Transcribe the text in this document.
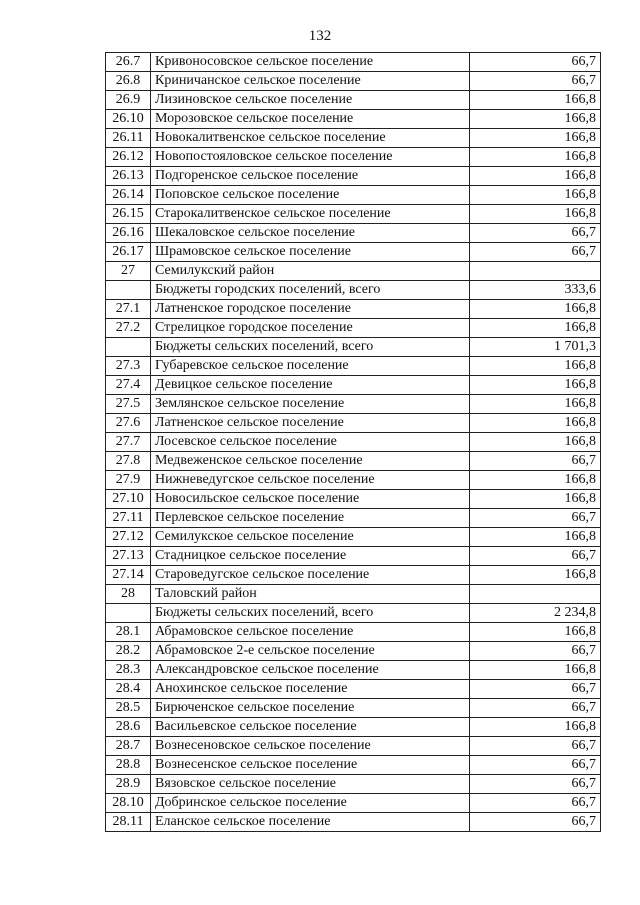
132
26.7	Кривоносовское сельское поселение	66,7
26.8	Криничанское сельское поселение	66,7
26.9	Лизиновское сельское поселение	166,8
26.10	Морозовское сельское поселение	166,8
26.11	Новокалитвенское сельское поселение	166,8
26.12	Новопостояловское сельское поселение	166,8
26.13	Подгоренское сельское поселение	166,8
26.14	Поповское сельское поселение	166,8
26.15	Старокалитвенское сельское поселение	166,8
26.16	Шекаловское сельское поселение	66,7
26.17	Шрамовское сельское поселение	66,7
27	Семилукский район	
	Бюджеты городских поселений, всего	333,6
27.1	Латненское городское поселение	166,8
27.2	Стрелицкое городское поселение	166,8
	Бюджеты сельских поселений, всего	1 701,3
27.3	Губаревское сельское поселение	166,8
27.4	Девицкое сельское поселение	166,8
27.5	Землянское сельское поселение	166,8
27.6	Латненское сельское поселение	166,8
27.7	Лосевское сельское поселение	166,8
27.8	Медвеженское сельское поселение	66,7
27.9	Нижневедугское сельское поселение	166,8
27.10	Новосильское сельское поселение	166,8
27.11	Перлевское сельское поселение	66,7
27.12	Семилукское сельское поселение	166,8
27.13	Стадницкое сельское поселение	66,7
27.14	Староведугское сельское поселение	166,8
28	Таловский район	
	Бюджеты сельских поселений, всего	2 234,8
28.1	Абрамовское сельское поселение	166,8
28.2	Абрамовское 2-е сельское поселение	66,7
28.3	Александровское сельское поселение	166,8
28.4	Анохинское сельское поселение	66,7
28.5	Бирюченское сельское поселение	66,7
28.6	Васильевское сельское поселение	166,8
28.7	Вознесеновское сельское поселение	66,7
28.8	Вознесенское сельское поселение	66,7
28.9	Вязовское сельское поселение	66,7
28.10	Добринское сельское поселение	66,7
28.11	Еланское сельское поселение	66,7
